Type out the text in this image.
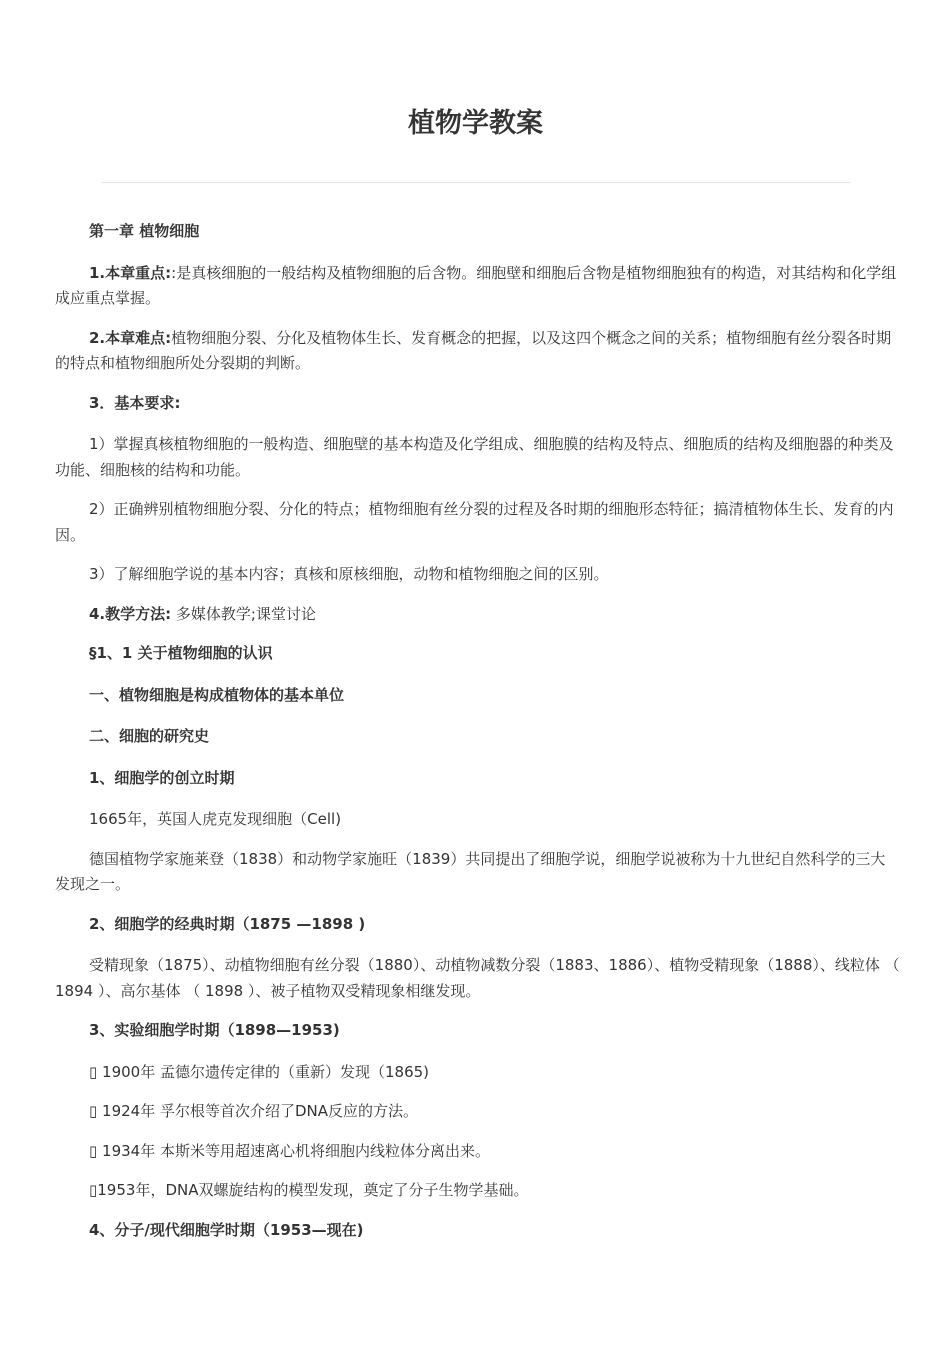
植物学教案

第一章 植物细胞

1.本章重点::是真核细胞的一般结构及植物细胞的后含物。细胞壁和细胞后含物是植物细胞独有的构造，对其结构和化学组成应重点掌握。

2.本章难点:植物细胞分裂、分化及植物体生长、发育概念的把握，以及这四个概念之间的关系；植物细胞有丝分裂各时期的特点和植物细胞所处分裂期的判断。

3．基本要求:

1）掌握真核植物细胞的一般构造、细胞壁的基本构造及化学组成、细胞膜的结构及特点、细胞质的结构及细胞器的种类及功能、细胞核的结构和功能。

2）正确辨别植物细胞分裂、分化的特点；植物细胞有丝分裂的过程及各时期的细胞形态特征；搞清植物体生长、发育的内因。

3）了解细胞学说的基本内容；真核和原核细胞，动物和植物细胞之间的区别。

4.教学方法: 多媒体教学;课堂讨论

§1、1 关于植物细胞的认识

一、植物细胞是构成植物体的基本单位

二、细胞的研究史

1、细胞学的创立时期

1665年，英国人虎克发现细胞（Cell)

德国植物学家施莱登（1838）和动物学家施旺（1839）共同提出了细胞学说，细胞学说被称为十九世纪自然科学的三大发现之一。

2、细胞学的经典时期（1875 —1898 )

受精现象（1875）、动植物细胞有丝分裂（1880）、动植物减数分裂（1883、1886）、植物受精现象（1888）、线粒体 （ 1894 ）、高尔基体 （ 1898 ）、被子植物双受精现象相继发现。

3、实验细胞学时期（1898—1953)

▯ 1900年 孟德尔遗传定律的（重新）发现（1865)

▯ 1924年 孚尔根等首次介绍了DNA反应的方法。

▯ 1934年 本斯米等用超速离心机将细胞内线粒体分离出来。

▯1953年，DNA双螺旋结构的模型发现，奠定了分子生物学基础。

4、分子/现代细胞学时期（1953—现在)
